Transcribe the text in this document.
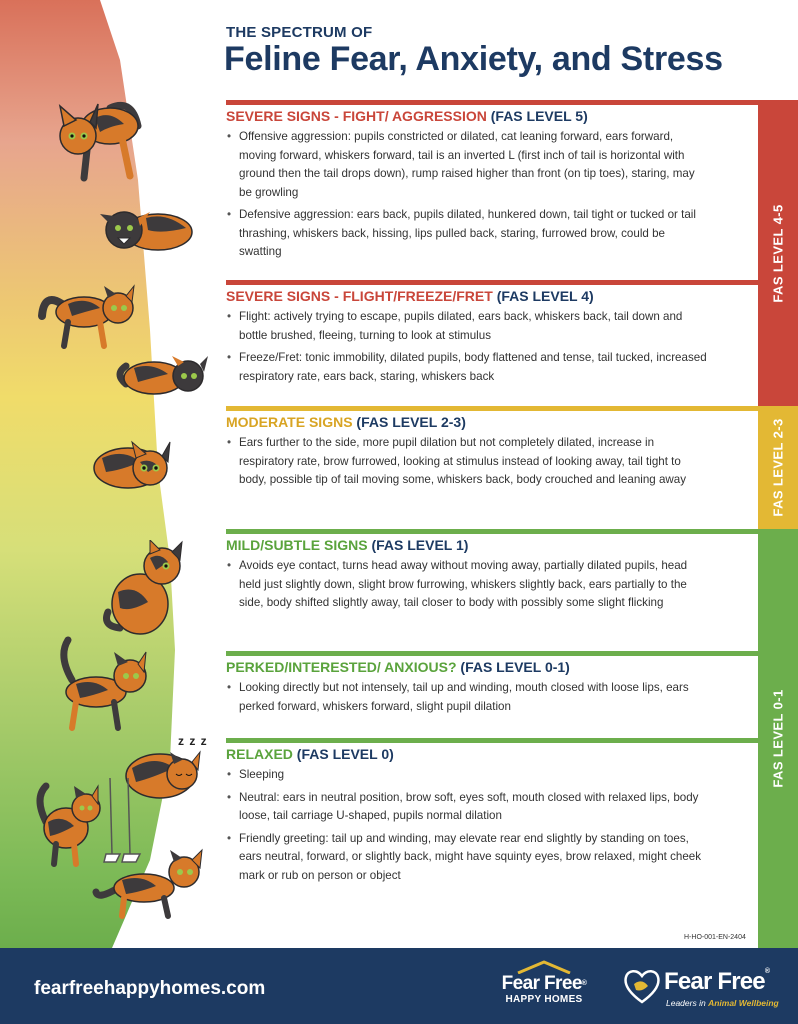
THE SPECTRUM OF
Feline Fear, Anxiety, and Stress
SEVERE SIGNS - FIGHT/ AGGRESSION (FAS LEVEL 5)
• Offensive aggression: pupils constricted or dilated, cat leaning forward, ears forward, moving forward, whiskers forward, tail is an inverted L (first inch of tail is horizontal with ground then the tail drops down), rump raised higher than front (on tip toes), staring, may be growling
• Defensive aggression: ears back, pupils dilated, hunkered down, tail tight or tucked or tail thrashing, whiskers back, hissing, lips pulled back, staring, furrowed brow, could be swatting
SEVERE SIGNS - FLIGHT/FREEZE/FRET (FAS LEVEL 4)
• Flight: actively trying to escape, pupils dilated, ears back, whiskers back, tail down and bottle brushed, fleeing, turning to look at stimulus
• Freeze/Fret: tonic immobility, dilated pupils, body flattened and tense, tail tucked, increased respiratory rate, ears back, staring, whiskers back
MODERATE SIGNS (FAS LEVEL 2-3)
• Ears further to the side, more pupil dilation but not completely dilated, increase in respiratory rate, brow furrowed, looking at stimulus instead of looking away, tail tight to body, possible tip of tail moving some, whiskers back, body crouched and leaning away
MILD/SUBTLE SIGNS (FAS LEVEL 1)
• Avoids eye contact, turns head away without moving away, partially dilated pupils, head held just slightly down, slight brow furrowing, whiskers slightly back, ears partially to the side, body shifted slightly away, tail closer to body with possibly some slight flicking
PERKED/INTERESTED/ ANXIOUS? (FAS LEVEL 0-1)
• Looking directly but not intensely, tail up and winding, mouth closed with loose lips, ears perked forward, whiskers forward, slight pupil dilation
RELAXED (FAS LEVEL 0)
• Sleeping
• Neutral: ears in neutral position, brow soft, eyes soft, mouth closed with relaxed lips, body loose, tail carriage U-shaped, pupils normal dilation
• Friendly greeting: tail up and winding, may elevate rear end slightly by standing on toes, ears neutral, forward, or slightly back, might have squinty eyes, brow relaxed, might cheek mark or rub on person or object
FAS LEVEL 4-5
FAS LEVEL 2-3
FAS LEVEL 0-1
H-HO-001-EN-2404
z z z
fearfreehappyhomes.com	Fear Free®
HAPPY HOMES
Fear Free®
Leaders in Animal Wellbeing
